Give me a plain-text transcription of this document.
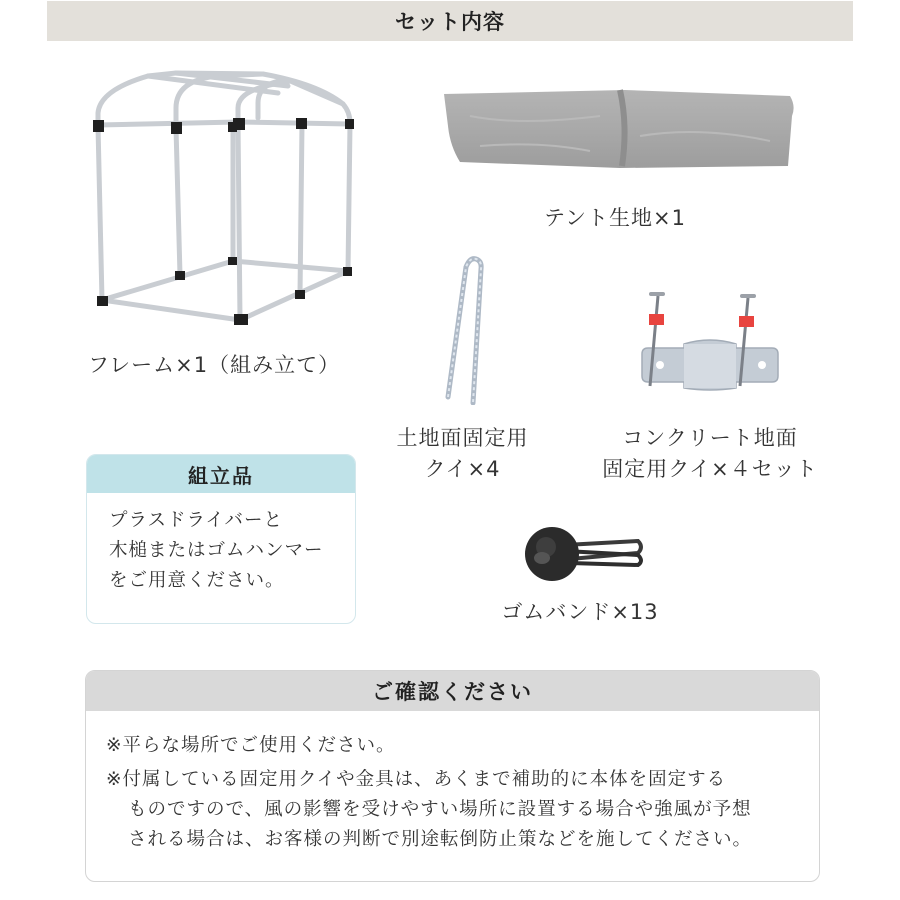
セット内容
フレーム×1（組み立て）
テント生地×1
土地面固定用
クイ×4
コンクリート地面
固定用クイ×４セット
ゴムバンド×13
組立品
プラスドライバーと
木槌またはゴムハンマー
をご用意ください。
ご確認ください
※平らな場所でご使用ください。
※付属している固定用クイや金具は、あくまで補助的に本体を固定する
ものですので、風の影響を受けやすい場所に設置する場合や強風が予想
される場合は、お客様の判断で別途転倒防止策などを施してください。
